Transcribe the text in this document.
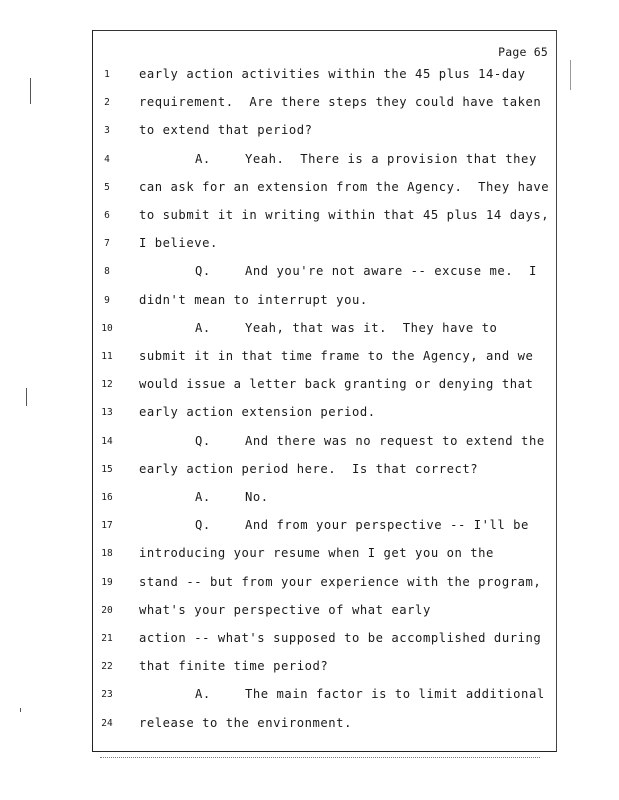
Page 65
1	early action activities within the 45 plus 14-day
2	requirement.  Are there steps they could have taken
3	to extend that period?
4	A.	Yeah.  There is a provision that they
5	can ask for an extension from the Agency.  They have
6	to submit it in writing within that 45 plus 14 days,
7	I believe.
8	Q.	And you're not aware -- excuse me.  I
9	didn't mean to interrupt you.
10	A.	Yeah, that was it.  They have to
11	submit it in that time frame to the Agency, and we
12	would issue a letter back granting or denying that
13	early action extension period.
14	Q.	And there was no request to extend the
15	early action period here.  Is that correct?
16	A.	No.
17	Q.	And from your perspective -- I'll be
18	introducing your resume when I get you on the
19	stand -- but from your experience with the program,
20	what's your perspective of what early
21	action -- what's supposed to be accomplished during
22	that finite time period?
23	A.	The main factor is to limit additional
24	release to the environment.
